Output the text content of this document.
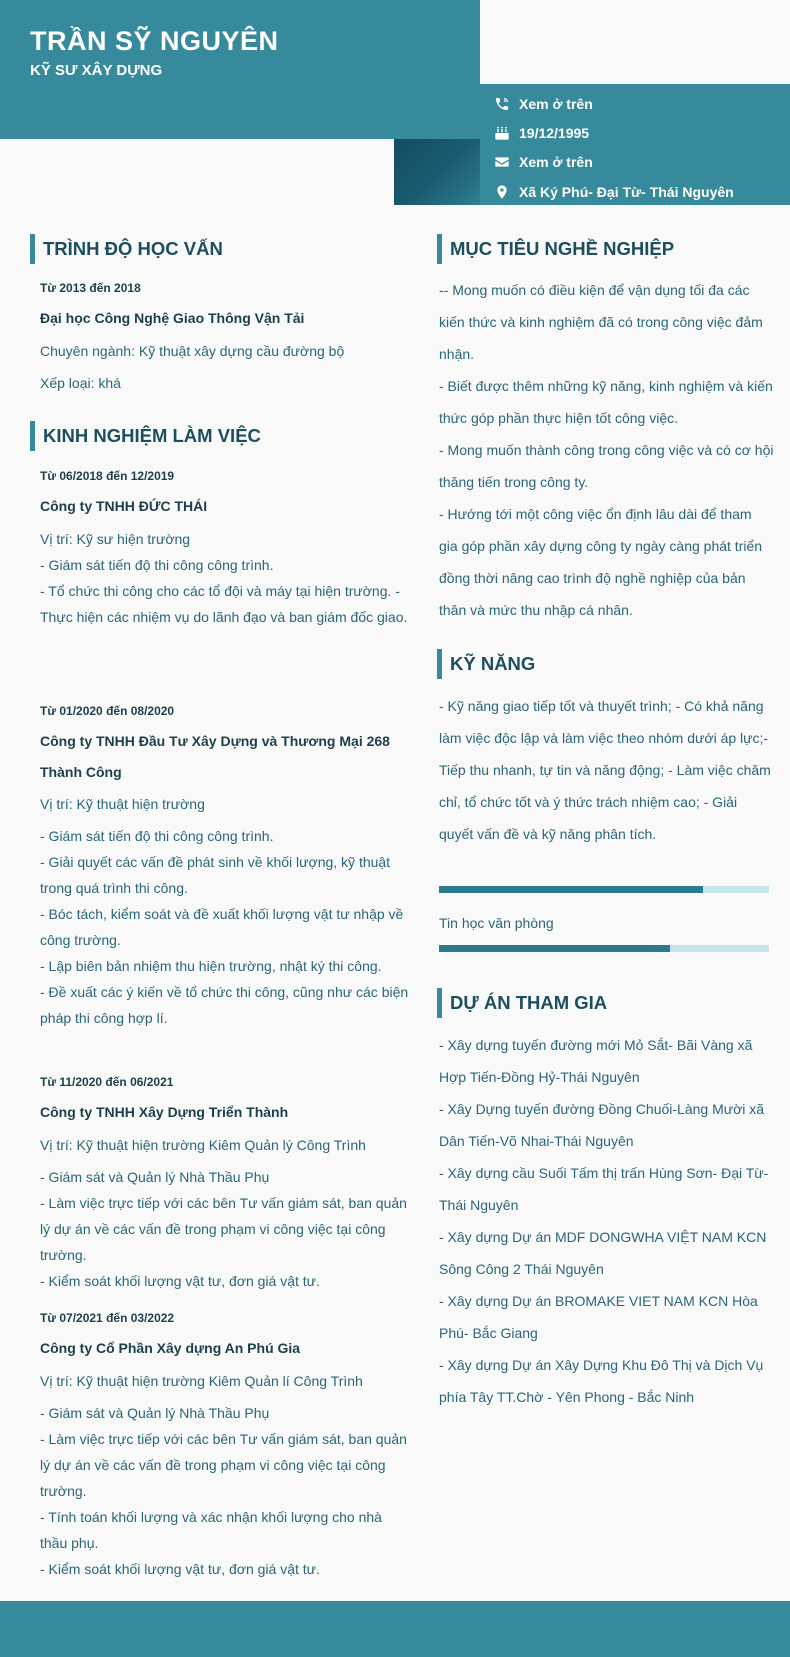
TRẦN SỸ NGUYÊN
KỸ SƯ XÂY DỰNG
Xem ở trên
19/12/1995
Xem ở trên
Xã Ký Phú- Đại Từ- Thái Nguyên
TRÌNH ĐỘ HỌC VẤN
Từ 2013 đến 2018
Đại học Công Nghệ Giao Thông Vận Tải
Chuyên ngành: Kỹ thuật xây dựng cầu đường bộ
Xếp loại: khá
KINH NGHIỆM LÀM VIỆC
Từ 06/2018 đến 12/2019
Công ty TNHH ĐỨC THÁI
Vị trí: Kỹ sư hiện trường
- Giám sát tiến độ thi công công trình.
- Tổ chức thi công cho các tổ đội và máy tại hiện trường. - Thực hiện các nhiệm vụ do lãnh đạo và ban giám đốc giao.
Từ 01/2020 đến 08/2020
Công ty TNHH Đầu Tư Xây Dựng và Thương Mại 268 Thành Công
Vị trí: Kỹ thuật hiện trường
- Giám sát tiến độ thi công công trình.
- Giải quyết các vấn đề phát sinh về khối lượng, kỹ thuật trong quá trình thi công.
- Bóc tách, kiểm soát và đề xuất khối lượng vật tư nhập về công trường.
- Lập biên bản nhiệm thu hiện trường, nhật ký thi công.
- Đề xuất các ý kiến về tổ chức thi công, cũng như các biện pháp thi công hợp lí.
Từ 11/2020 đến 06/2021
Công ty TNHH Xây Dựng Triển Thành
Vị trí: Kỹ thuật hiện trường Kiêm Quản lý Công Trình
- Giám sát và Quản lý Nhà Thầu Phụ
- Làm việc trực tiếp với các bên Tư vấn giám sát, ban quản lý dự án về các vấn đề trong phạm vi công việc tại công trường.
- Kiểm soát khối lượng vật tư, đơn giá vật tư.
Từ 07/2021 đến 03/2022
Công ty Cổ Phần Xây dựng An Phú Gia
Vị trí: Kỹ thuật hiện trường Kiêm Quản lí Công Trình
- Giám sát và Quản lý Nhà Thầu Phụ
- Làm việc trực tiếp với các bên Tư vấn giám sát, ban quản lý dự án về các vấn đề trong phạm vi công việc tại công trường.
- Tính toán khối lượng và xác nhận khối lượng cho nhà thầu phụ.
- Kiểm soát khối lượng vật tư, đơn giá vật tư.
MỤC TIÊU NGHỀ NGHIỆP
-- Mong muốn có điều kiện để vận dụng tối đa các kiến thức và kinh nghiệm đã có trong công việc đảm nhận.
- Biết được thêm những kỹ năng, kinh nghiệm và kiến thức góp phần thực hiện tốt công việc.
- Mong muốn thành công trong công việc và có cơ hội thăng tiến trong công ty.
- Hướng tới một công việc ổn định lâu dài để tham gia góp phần xây dựng công ty ngày càng phát triển đồng thời nâng cao trình độ nghề nghiệp của bản thân và mức thu nhập cá nhân.
KỸ NĂNG
- Kỹ năng giao tiếp tốt và thuyết trình; - Có khả năng làm việc độc lập và làm việc theo nhóm dưới áp lực;- Tiếp thu nhanh, tự tin và năng động; - Làm việc chăm chỉ, tổ chức tốt và ý thức trách nhiệm cao; - Giải quyết vấn đề và kỹ năng phân tích.
Tin học văn phòng
DỰ ÁN THAM GIA
- Xây dựng tuyến đường mới Mỏ Sắt- Bãi Vàng xã Hợp Tiến-Đồng Hỷ-Thái Nguyên
- Xây Dựng tuyến đường Đồng Chuối-Làng Mười xã Dân Tiến-Võ Nhai-Thái Nguyên
- Xây dựng cầu Suối Tấm thị trấn Hùng Sơn- Đại Từ- Thái Nguyên
- Xây dựng Dự án MDF DONGWHA VIỆT NAM KCN Sông Công 2 Thái Nguyên
- Xây dựng Dự án BROMAKE VIET NAM KCN Hòa Phú- Bắc Giang
- Xây dựng Dự án Xây Dựng Khu Đô Thị và Dịch Vụ phía Tây TT.Chờ - Yên Phong - Bắc Ninh
